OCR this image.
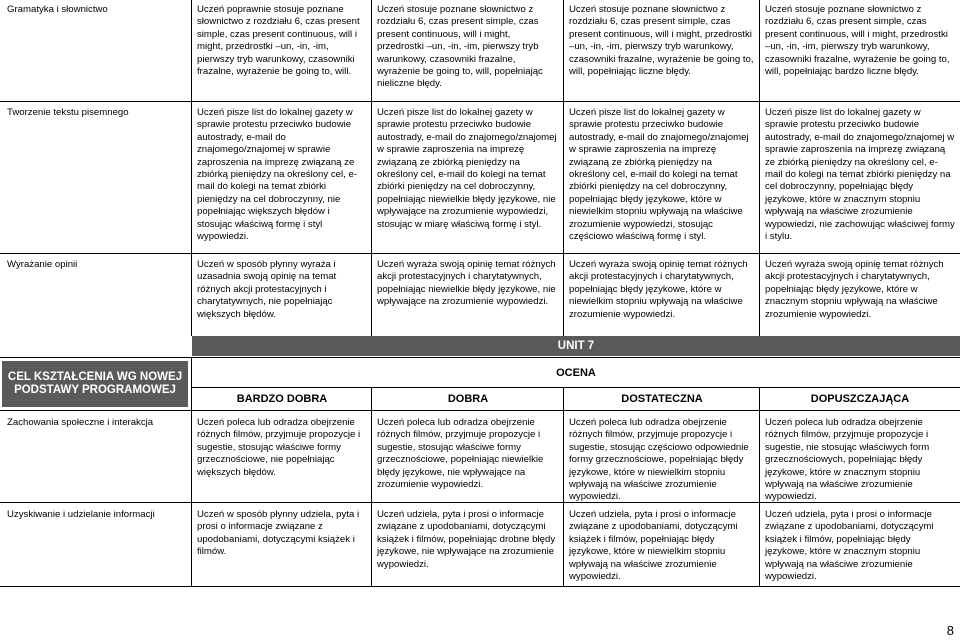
Gramatyka i słownictwo	Uczeń poprawnie stosuje poznane słownictwo z rozdziału 6, czas present simple, czas present continuous, will i might, przedrostki –un, -in, -im, pierwszy tryb warunkowy, czasowniki frazalne, wyrażenie be going to, will.
Uczeń stosuje poznane słownictwo z rozdziału 6, czas present simple, czas present continuous, will i might, przedrostki –un, -in, -im, pierwszy tryb warunkowy, czasowniki frazalne, wyrażenie be going to, will, popełniając nieliczne błędy.
Uczeń stosuje poznane słownictwo z rozdziału 6, czas present simple, czas present continuous, will i might, przedrostki –un, -in, -im, pierwszy tryb warunkowy, czasowniki frazalne, wyrażenie be going to, will, popełniając liczne błędy.
Uczeń stosuje poznane słownictwo z rozdziału 6, czas present simple, czas present continuous, will i might, przedrostki –un, -in, -im, pierwszy tryb warunkowy, czasowniki frazalne, wyrażenie be going to, will, popełniając bardzo liczne błędy.
Tworzenie tekstu pisemnego	Uczeń pisze list do lokalnej gazety w sprawie protestu przeciwko budowie autostrady, e-mail do znajomego/znajomej w sprawie zaproszenia na imprezę związaną ze zbiórką pieniędzy na określony cel, e-mail do kolegi na temat zbiórki pieniędzy na cel dobroczynny, nie popełniając większych błędów i stosując właściwą formę i styl wypowiedzi.
Uczeń pisze list do lokalnej gazety w sprawie protestu przeciwko budowie autostrady, e-mail do znajomego/znajomej w sprawie zaproszenia na imprezę związaną ze zbiórką pieniędzy na określony cel, e-mail do kolegi na temat zbiórki pieniędzy na cel dobroczynny, popełniając niewielkie błędy językowe, nie wpływające na zrozumienie wypowiedzi, stosując w miarę właściwą formę i styl.
Uczeń pisze list do lokalnej gazety w sprawie protestu przeciwko budowie autostrady, e-mail do znajomego/znajomej w sprawie zaproszenia na imprezę związaną ze zbiórką pieniędzy na określony cel, e-mail do kolegi na temat zbiórki pieniędzy na cel dobroczynny, popełniając błędy językowe, które w niewielkim stopniu wpływają na właściwe zrozumienie wypowiedzi, stosując częściowo właściwą formę i styl.
Uczeń pisze list do lokalnej gazety w sprawie protestu przeciwko budowie autostrady, e-mail do znajomego/znajomej w sprawie zaproszenia na imprezę związaną ze zbiórką pieniędzy na określony cel, e-mail do kolegi na temat zbiórki pieniędzy na cel dobroczynny, popełniając błędy językowe, które w znacznym stopniu wpływają na właściwe zrozumienie wypowiedzi, nie zachowując właściwej formy i stylu.
Wyrażanie opinii	Uczeń w sposób płynny wyraża i uzasadnia swoją opinię na temat różnych akcji protestacyjnych i charytatywnych, nie popełniając większych błędów.
Uczeń wyraża swoją opinię temat różnych akcji protestacyjnych i charytatywnych, popełniając niewielkie błędy językowe, nie wpływające na zrozumienie wypowiedzi.
Uczeń wyraża swoją opinię temat różnych akcji protestacyjnych i charytatywnych, popełniając błędy językowe, które w niewielkim stopniu wpływają na właściwe zrozumienie wypowiedzi.
Uczeń wyraża swoją opinię temat różnych akcji protestacyjnych i charytatywnych, popełniając błędy językowe, które w znacznym stopniu wpływają na właściwe zrozumienie wypowiedzi.
UNIT 7
CEL KSZTAŁCENIA WG NOWEJ PODSTAWY PROGRAMOWEJ
OCENA
BARDZO DOBRA	DOBRA	DOSTATECZNA	DOPUSZCZAJĄCA
Zachowania społeczne i interakcja	Uczeń poleca lub odradza obejrzenie różnych filmów, przyjmuje propozycje i sugestie, stosując właściwe formy grzecznościowe, nie popełniając większych błędów.
Uczeń poleca lub odradza obejrzenie różnych filmów, przyjmuje propozycje i sugestie, stosując właściwe formy grzecznościowe, popełniając niewielkie błędy językowe, nie wpływające na zrozumienie wypowiedzi.
Uczeń poleca lub odradza obejrzenie różnych filmów, przyjmuje propozycje i sugestie, stosując częściowo odpowiednie formy grzecznościowe, popełniając błędy językowe, które w niewielkim stopniu wpływają na właściwe zrozumienie wypowiedzi.
Uczeń poleca lub odradza obejrzenie różnych filmów, przyjmuje propozycje i sugestie, nie stosując właściwych form grzecznościowych, popełniając błędy językowe, które w znacznym stopniu wpływają na właściwe zrozumienie wypowiedzi.
Uzyskiwanie i udzielanie informacji	Uczeń w sposób płynny udziela, pyta i prosi o informacje związane z upodobaniami, dotyczącymi książek i filmów.
Uczeń udziela, pyta i prosi o informacje związane z upodobaniami, dotyczącymi książek i filmów, popełniając drobne błędy językowe, nie wpływające na zrozumienie wypowiedzi.
Uczeń udziela, pyta i prosi o informacje związane z upodobaniami, dotyczącymi książek i filmów, popełniając błędy językowe, które w niewielkim stopniu wpływają na właściwe zrozumienie wypowiedzi.
Uczeń udziela, pyta i prosi o informacje związane z upodobaniami, dotyczącymi książek i filmów, popełniając błędy językowe, które w znacznym stopniu wpływają na właściwe zrozumienie wypowiedzi.
8
